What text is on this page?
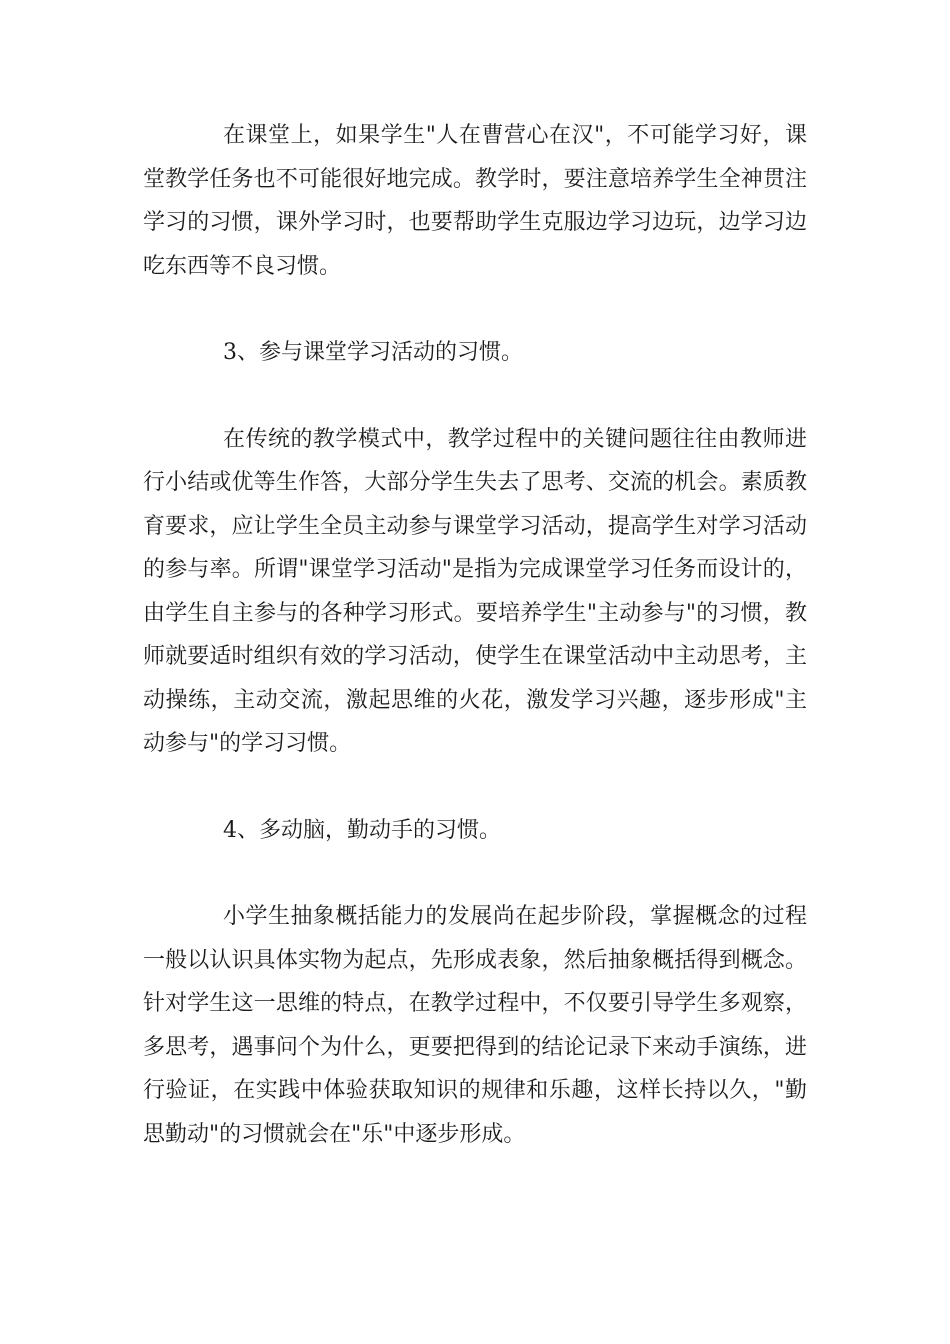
在课堂上，如果学生"人在曹营心在汉"，不可能学习好，课堂教学任务也不可能很好地完成。教学时，要注意培养学生全神贯注学习的习惯，课外学习时，也要帮助学生克服边学习边玩，边学习边吃东西等不良习惯。

3、参与课堂学习活动的习惯。

在传统的教学模式中，教学过程中的关键问题往往由教师进行小结或优等生作答，大部分学生失去了思考、交流的机会。素质教育要求，应让学生全员主动参与课堂学习活动，提高学生对学习活动的参与率。所谓"课堂学习活动"是指为完成课堂学习任务而设计的，由学生自主参与的各种学习形式。要培养学生"主动参与"的习惯，教师就要适时组织有效的学习活动，使学生在课堂活动中主动思考，主动操练，主动交流，激起思维的火花，激发学习兴趣，逐步形成"主动参与"的学习习惯。

4、多动脑，勤动手的习惯。

小学生抽象概括能力的发展尚在起步阶段，掌握概念的过程一般以认识具体实物为起点，先形成表象，然后抽象概括得到概念。针对学生这一思维的特点，在教学过程中，不仅要引导学生多观察，多思考，遇事问个为什么，更要把得到的结论记录下来动手演练，进行验证，在实践中体验获取知识的规律和乐趣，这样长持以久，"勤思勤动"的习惯就会在"乐"中逐步形成。
